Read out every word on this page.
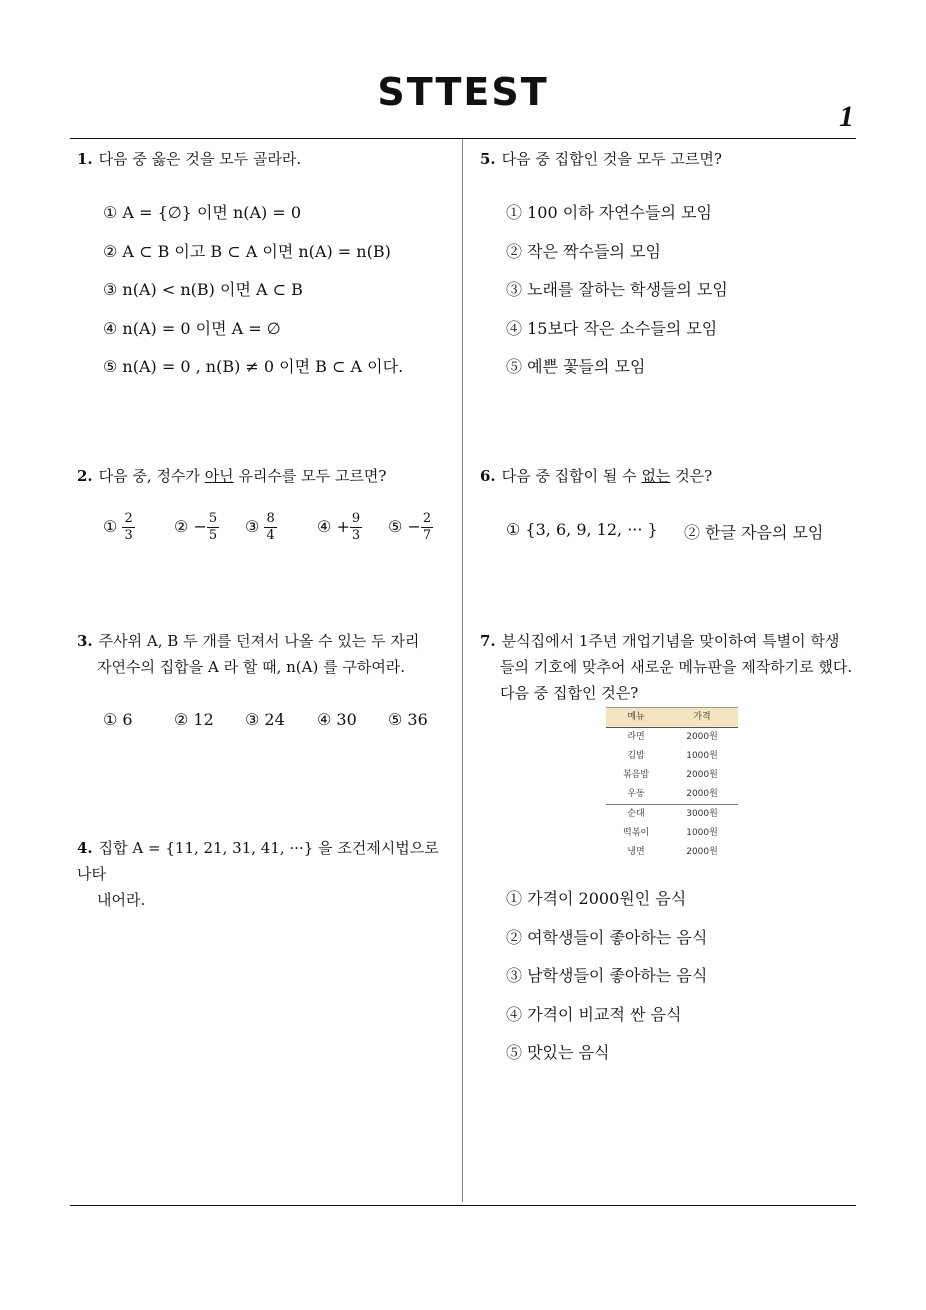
STTEST
1
1. 다음 중 옳은 것을 모두 골라라.
① A = {∅} 이면 n(A) = 0
② A ⊂ B 이고 B ⊂ A 이면 n(A) = n(B)
③ n(A) < n(B) 이면 A ⊂ B
④ n(A) = 0 이면 A = ∅
⑤ n(A) = 0 , n(B) ≠ 0 이면 B ⊂ A 이다.
2. 다음 중, 정수가 아닌 유리수를 모두 고르면?
① $\frac{2}{3}$ ② − $\frac{5}{5}$ ③ $\frac{8}{4}$	④ + $\frac{9}{3}$ ⑤ − $\frac{2}{7}$
3. 주사위 A, B 두 개를 던져서 나올 수 있는 두 자리
자연수의 집합을 A 라 할 때, n(A) 를 구하여라.
① 6	② 12 ③ 24 ④ 30 ⑤ 36
4. 집합 A = {11, 21, 31, 41, ···} 을 조건제시법으로 나타
내어라.
5. 다음 중 집합인 것을 모두 고르면?
① 100 이하 자연수들의 모임
② 작은 짝수들의 모임
③ 노래를 잘하는 학생들의 모임
④ 15보다 작은 소수들의 모임
⑤ 예쁜 꽃들의 모임
6. 다음 중 집합이 될 수 없는 것은?
① {3, 6, 9, 12, ··· } ② 한글 자음의 모임
7. 분식집에서 1주년 개업기념을 맞이하여 특별이 학생
들의 기호에 맞추어 새로운 메뉴판을 제작하기로 했다.
다음 중 집합인 것은?
메뉴	가격
라면	2000원
김밥	1000원
볶음밥	2000원
우동	2000원
순대	3000원
떡볶이	1000원
냉면	2000원
① 가격이 2000원인 음식
② 여학생들이 좋아하는 음식
③ 남학생들이 좋아하는 음식
④ 가격이 비교적 싼 음식
⑤ 맛있는 음식
